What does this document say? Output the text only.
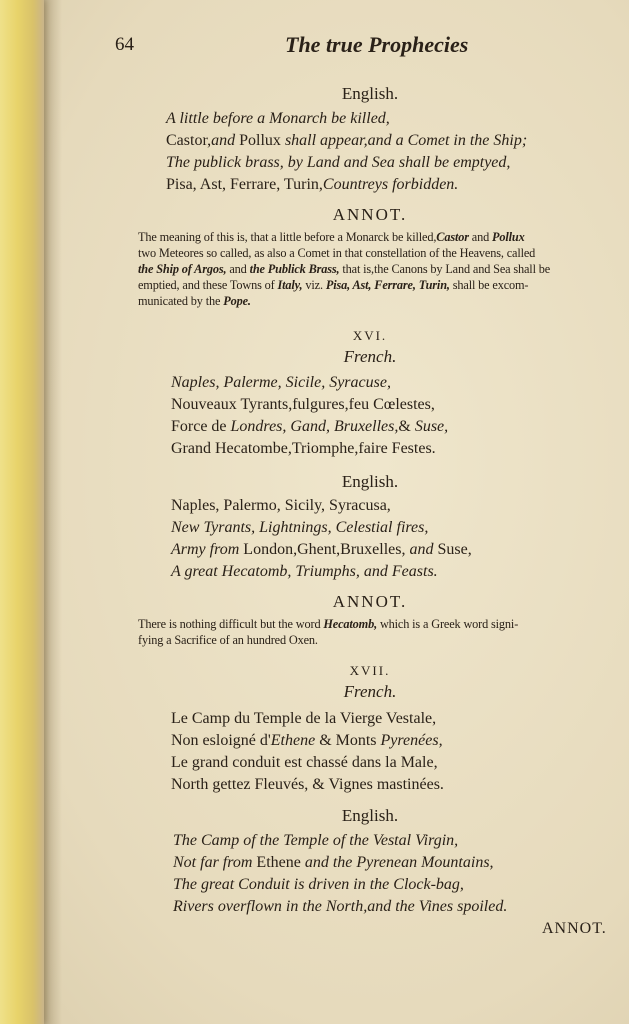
64	The true Prophecies
English.
A little before a Monarch be killed,
Castor,and Pollux shall appear,and a Comet in the Ship;
The publick brass, by Land and Sea shall be emptyed,
Pisa, Ast, Ferrare, Turin,Countreys forbidden.
ANNOT.
The meaning of this is, that a little before a Monarck be killed,Castor and Pollux
two Meteores so called, as also a Comet in that constellation of the Heavens, called
the Ship of Argos, and the Publick Brass, that is,the Canons by Land and Sea shall be
emptied, and these Towns of Italy, viz. Pisa, Ast, Ferrare, Turin, shall be excom-
municated by the Pope.
XVI.
French.
Naples, Palerme, Sicile, Syracuse,
Nouveaux Tyrants,fulgures,feu Cœlestes,
Force de Londres, Gand, Bruxelles,& Suse,
Grand Hecatombe,Triomphe,faire Festes.
English.
Naples, Palermo, Sicily, Syracusa,
New Tyrants, Lightnings, Celestial fires,
Army from London,Ghent,Bruxelles, and Suse,
A great Hecatomb, Triumphs, and Feasts.
ANNOT.
There is nothing difficult but the word Hecatomb, which is a Greek word signi-
fying a Sacrifice of an hundred Oxen.
XVII.
French.
Le Camp du Temple de la Vierge Vestale,
Non esloigné d'Ethene & Monts Pyrenées,
Le grand conduit est chassé dans la Male,
North gettez Fleuvés, & Vignes mastinées.
English.
The Camp of the Temple of the Vestal Virgin,
Not far from Ethene and the Pyrenean Mountains,
The great Conduit is driven in the Clock-bag,
Rivers overflown in the North,and the Vines spoiled.
ANNOT.
